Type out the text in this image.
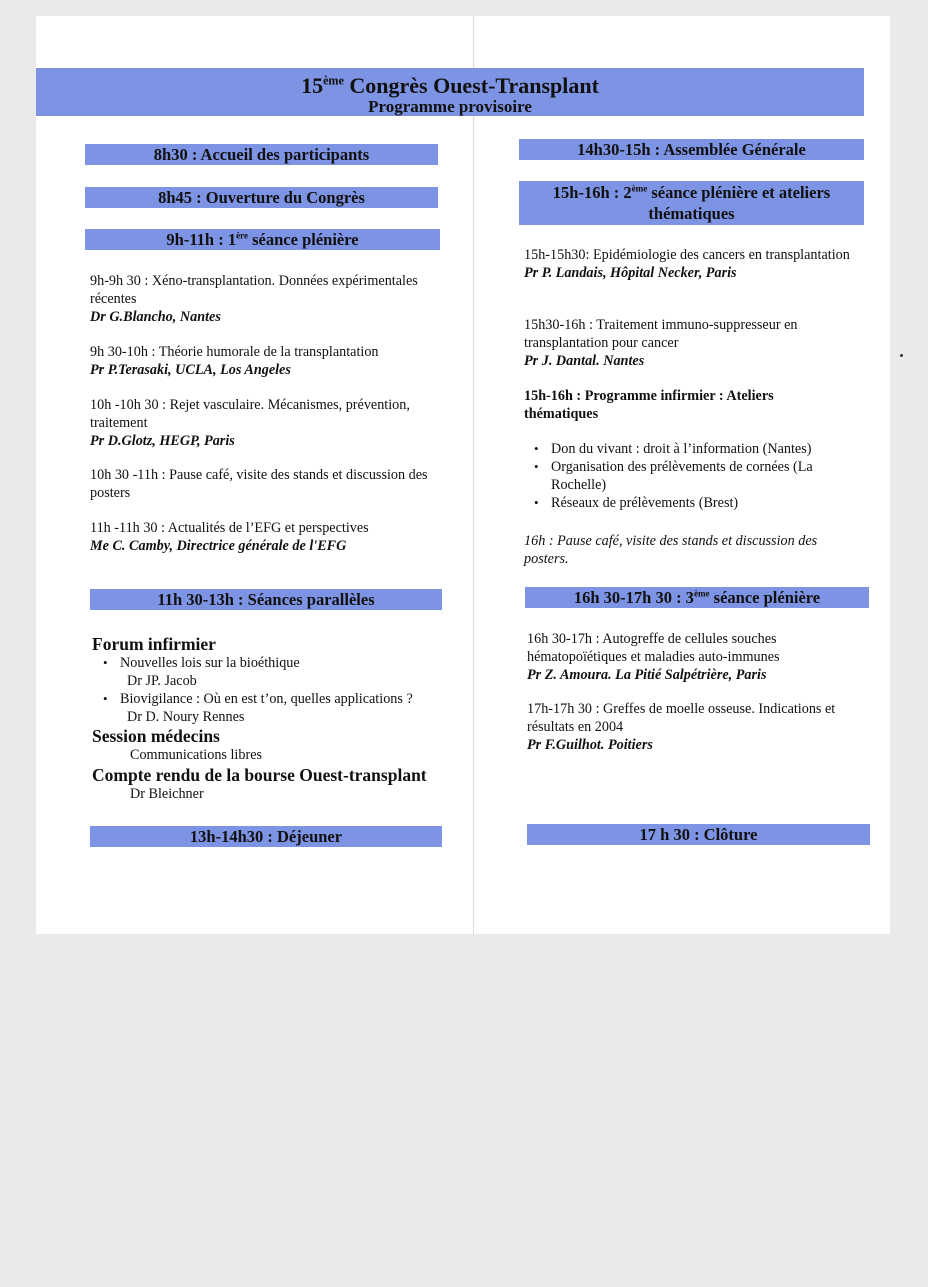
15ème Congrès Ouest-Transplant
Programme provisoire
8h30 : Accueil des participants
8h45 : Ouverture du Congrès
9h-11h : 1ère séance plénière
9h-9h 30 : Xéno-transplantation. Données expérimentales récentes
Dr G.Blancho, Nantes
9h 30-10h : Théorie humorale de la transplantation
Pr P.Terasaki, UCLA, Los Angeles
10h -10h 30 : Rejet vasculaire. Mécanismes, prévention, traitement
Pr D.Glotz, HEGP, Paris
10h 30 -11h : Pause café, visite des stands et discussion des posters
11h -11h 30 : Actualités de l’EFG et perspectives
Me C. Camby, Directrice générale de l'EFG
11h 30-13h : Séances parallèles
Forum infirmier
• Nouvelles lois sur la bioéthique
Dr JP. Jacob
• Biovigilance : Où en est t’on, quelles applications ?
Dr D. Noury Rennes
Session médecins
Communications libres
Compte rendu de la bourse Ouest-transplant
Dr Bleichner
13h-14h30 : Déjeuner
14h30-15h : Assemblée Générale
15h-16h : 2ème séance plénière et ateliers
thématiques
15h-15h30: Epidémiologie des cancers en transplantation
Pr P. Landais, Hôpital Necker, Paris
15h30-16h : Traitement immuno-suppresseur en transplantation pour cancer
Pr J. Dantal. Nantes
15h-16h : Programme infirmier : Ateliers thématiques
• Don du vivant : droit à l’information (Nantes)
• Organisation des prélèvements de cornées (La Rochelle)
• Réseaux de prélèvements (Brest)
16h : Pause café, visite des stands et discussion des posters.
16h 30-17h 30 : 3ème séance plénière
16h 30-17h : Autogreffe de cellules souches hématopoïétiques et maladies auto-immunes
Pr Z. Amoura. La Pitié Salpétrière, Paris
17h-17h 30 : Greffes de moelle osseuse. Indications et résultats en 2004
Pr F.Guilhot. Poitiers
17 h 30 : Clôture
